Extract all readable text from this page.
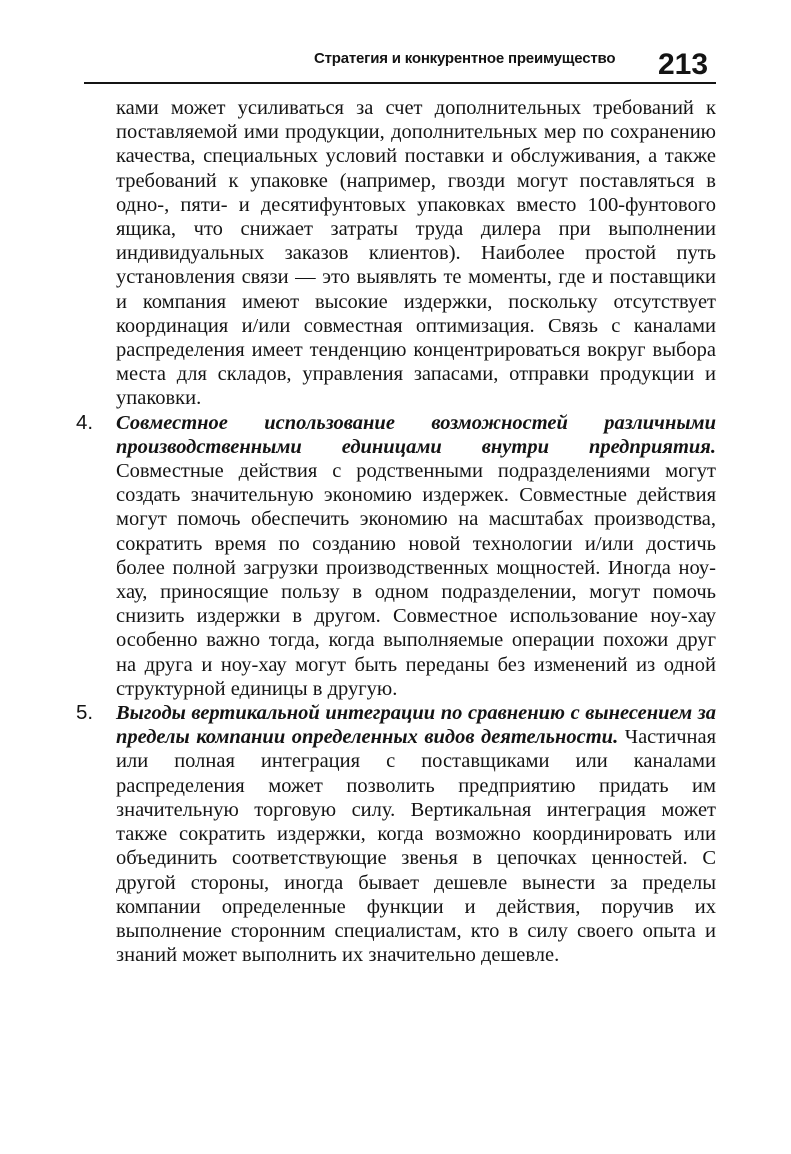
Стратегия и конкурентное преимущество	213

ками может усиливаться за счет дополнительных требований к поставляемой ими продукции, дополнительных мер по сохранению качества, специальных условий поставки и обслуживания, а также требований к упаковке (например, гвозди могут поставляться в одно-, пяти- и десятифунтовых упаковках вместо 100-фунтового ящика, что снижает затраты труда дилера при выполнении индивидуальных заказов клиентов). Наиболее простой путь установления связи — это выявлять те моменты, где и поставщики и компания имеют высокие издержки, поскольку отсутствует координация и/или совместная оптимизация. Связь с каналами распределения имеет тенденцию концентрироваться вокруг выбора места для складов, управления запасами, отправки продукции и упаковки.

4.	Совместное использование возможностей различными производственными единицами внутри предприятия. Совместные действия с родственными подразделениями могут создать значительную экономию издержек. Совместные действия могут помочь обеспечить экономию на масштабах производства, сократить время по созданию новой технологии и/или достичь более полной загрузки производственных мощностей. Иногда ноу-хау, приносящие пользу в одном подразделении, могут помочь снизить издержки в другом. Совместное использование ноу-хау особенно важно тогда, когда выполняемые операции похожи друг на друга и ноу-хау могут быть переданы без изменений из одной структурной единицы в другую.
5.	Выгоды вертикальной интеграции по сравнению с вынесением за пределы компании определенных видов деятельности. Частичная или полная интеграция с поставщиками или каналами распределения может позволить предприятию придать им значительную торговую силу. Вертикальная интеграция может также сократить издержки, когда возможно координировать или объединить соответствующие звенья в цепочках ценностей. С другой стороны, иногда бывает дешевле вынести за пределы компании определенные функции и действия, поручив их выполнение сторонним специалистам, кто в силу своего опыта и знаний может выполнить их значительно дешевле.
